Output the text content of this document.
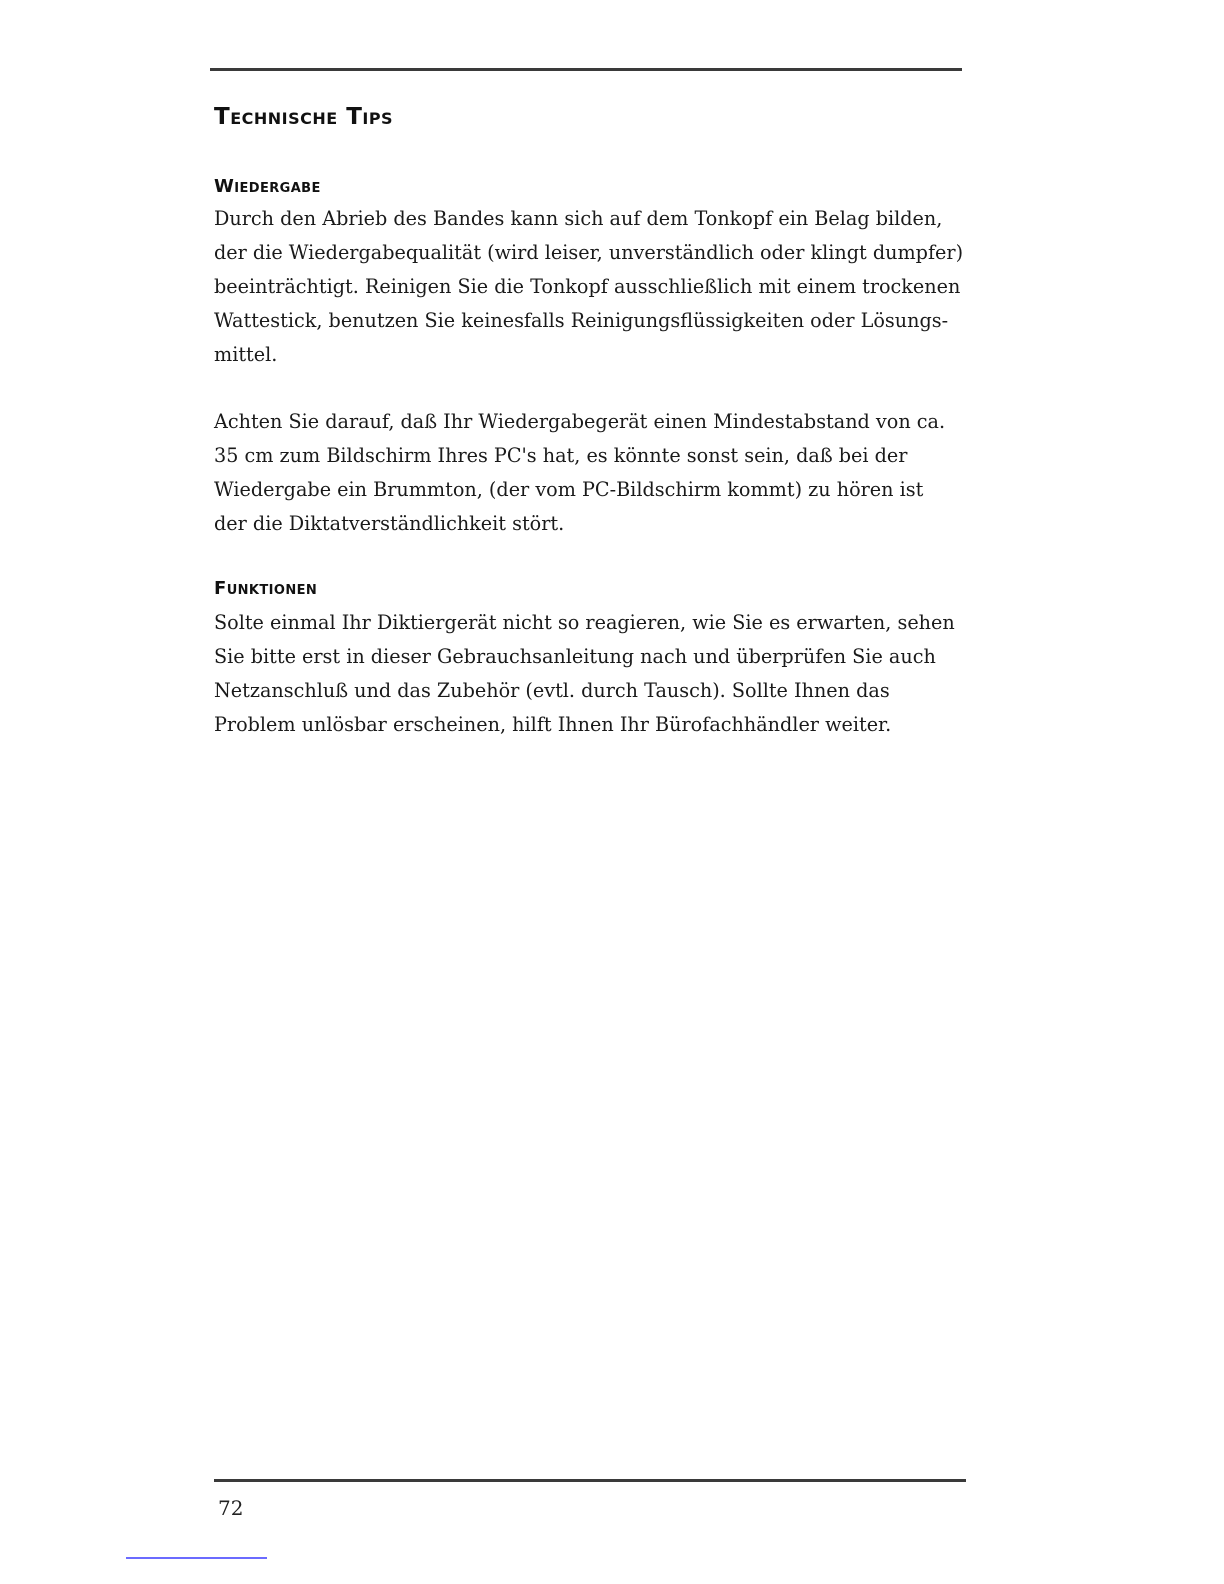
Technische Tips
Wiedergabe

Durch den Abrieb des Bandes kann sich auf dem Tonkopf ein Belag bilden,
der die Wiedergabequalität (wird leiser, unverständlich oder klingt dumpfer)
beeinträchtigt. Reinigen Sie die Tonkopf ausschließlich mit einem trockenen
Wattestick, benutzen Sie keinesfalls Reinigungsflüssigkeiten oder Lösungs-
mittel.

Achten Sie darauf, daß Ihr Wiedergabegerät einen Mindestabstand von ca.
35 cm zum Bildschirm Ihres PC's hat, es könnte sonst sein, daß bei der
Wiedergabe ein Brummton, (der vom PC-Bildschirm kommt) zu hören ist
der die Diktatverständlichkeit stört.

Funktionen

Solte einmal Ihr Diktiergerät nicht so reagieren, wie Sie es erwarten, sehen
Sie bitte erst in dieser Gebrauchsanleitung nach und überprüfen Sie auch
Netzanschluß und das Zubehör (evtl. durch Tausch). Sollte Ihnen das
Problem unlösbar erscheinen, hilft Ihnen Ihr Bürofachhändler weiter.

72
